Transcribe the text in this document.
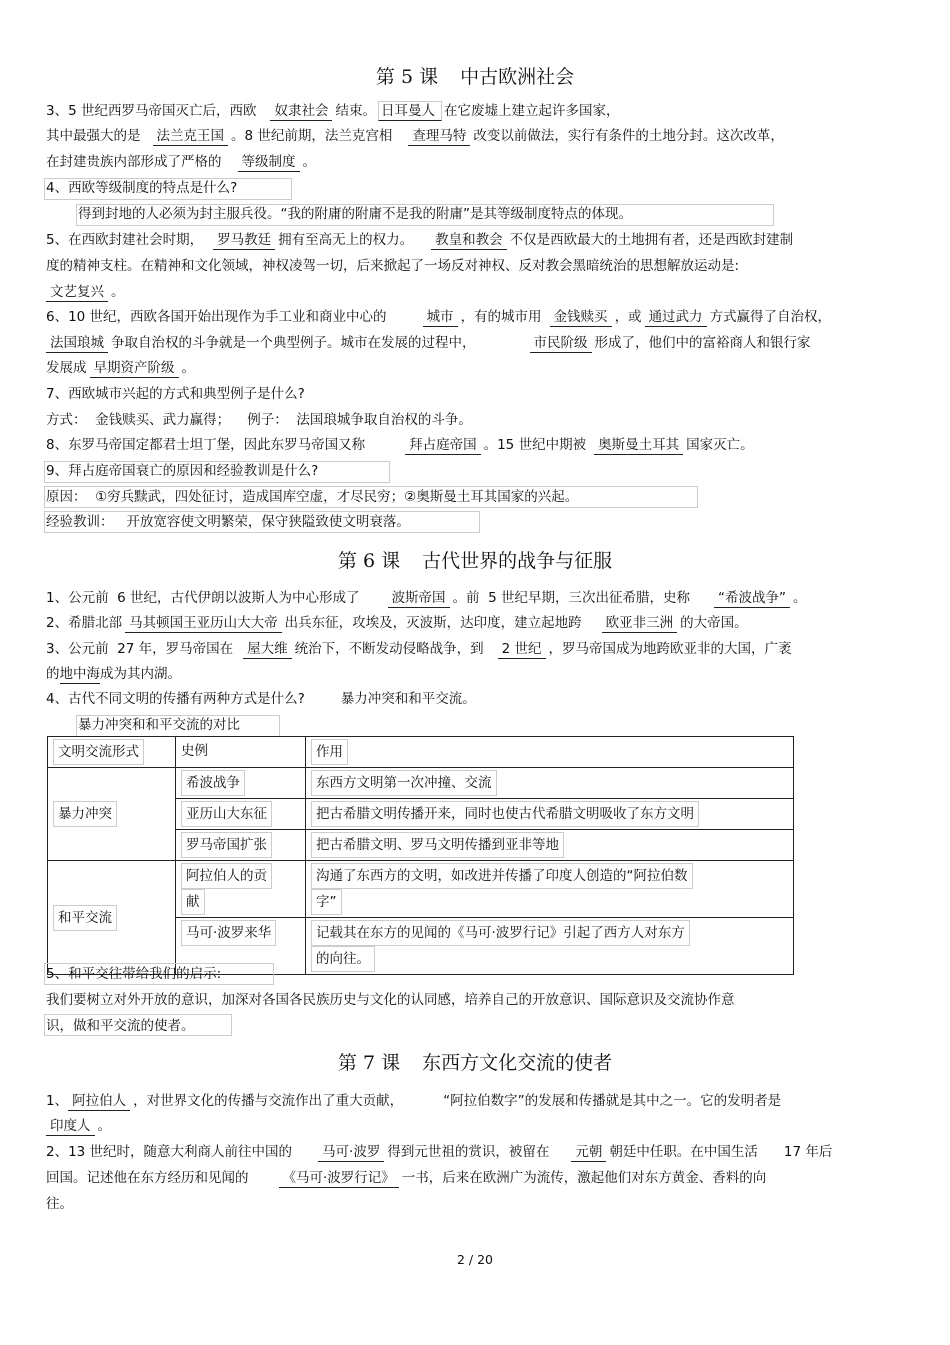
第 5 课 中古欧洲社会
3、5 世纪西罗马帝国灭亡后，西欧 奴隶社会 结束。 日耳曼人 在它废墟上建立起许多国家，
其中最强大的是 法兰克王国 。8 世纪前期，法兰克宫相 查理马特 改变以前做法，实行有条件的土地分封。这次改革，
在封建贵族内部形成了严格的 等级制度 。
4、西欧等级制度的特点是什么?
得到封地的人必须为封主服兵役。“我的附庸的附庸不是我的附庸”是其等级制度特点的体现。
5、在西欧封建社会时期， 罗马教廷 拥有至高无上的权力。 教皇和教会 不仅是西欧最大的土地拥有者，还是西欧封建制
度的精神支柱。在精神和文化领域，神权凌驾一切，后来掀起了一场反对神权、反对教会黑暗统治的思想解放运动是:
文艺复兴 。
6、10 世纪，西欧各国开始出现作为手工业和商业中心的	城市 ，有的城市用 金钱赎买 ，或 通过武力 方式赢得了自治权，
法国琅城 争取自治权的斗争就是一个典型例子。城市在发展的过程中，	市民阶级 形成了，他们中的富裕商人和银行家
发展成 早期资产阶级 。
7、西欧城市兴起的方式和典型例子是什么?
方式：  金钱赎买、武力赢得；    例子：  法国琅城争取自治权的斗争。
8、东罗马帝国定都君士坦丁堡，因此东罗马帝国又称	拜占庭帝国 。15 世纪中期被 奥斯曼土耳其 国家灭亡。
9、拜占庭帝国衰亡的原因和经验教训是什么?
原因：  ①穷兵黩武，四处征讨，造成国库空虚，才尽民穷；②奥斯曼土耳其国家的兴起。
经验教训：   开放宽容使文明繁荣，保守狭隘致使文明衰落。
第 6 课 古代世界的战争与征服
1、公元前  6 世纪，古代伊朗以波斯人为中心形成了 波斯帝国 。前  5 世纪早期，三次出征希腊，史称 “希波战争” 。
2、希腊北部 马其顿国王亚历山大大帝 出兵东征，攻埃及，灭波斯，达印度，建立起地跨 欧亚非三洲 的大帝国。
3、公元前  27 年，罗马帝国在 屋大维 统治下，不断发动侵略战争，到 2 世纪 ，罗马帝国成为地跨欧亚非的大国，广袤
的地中海成为其内湖。
4、古代不同文明的传播有两种方式是什么?	暴力冲突和和平交流。
暴力冲突和和平交流的对比
文明交流形式	史例	作用
暴力冲突	希波战争	东西方文明第一次冲撞、交流
	亚历山大东征	把古希腊文明传播开来，同时也使古代希腊文明吸收了东方文明
	罗马帝国扩张	把古希腊文明、罗马文明传播到亚非等地
和平交流	阿拉伯人的贡
献	沟通了东西方的文明，如改进并传播了印度人创造的“阿拉伯数
字”
	马可·波罗来华	记载其在东方的见闻的《马可·波罗行记》引起了西方人对东方
的向往。
5、和平交往带给我们的启示:
我们要树立对外开放的意识，加深对各国各民族历史与文化的认同感，培养自己的开放意识、国际意识及交流协作意
识，做和平交流的使者。
第 7 课 东西方文化交流的使者
1、 阿拉伯人 ，对世界文化的传播与交流作出了重大贡献，	“阿拉伯数字”的发展和传播就是其中之一。它的发明者是
印度人 。
2、13 世纪时，随意大利商人前往中国的 马可·波罗 得到元世祖的赏识，被留在 元朝 朝廷中任职。在中国生活 17 年后
回国。记述他在东方经历和见闻的	《马可·波罗行记》 一书，后来在欧洲广为流传，激起他们对东方黄金、香料的向
往。
2 / 20
